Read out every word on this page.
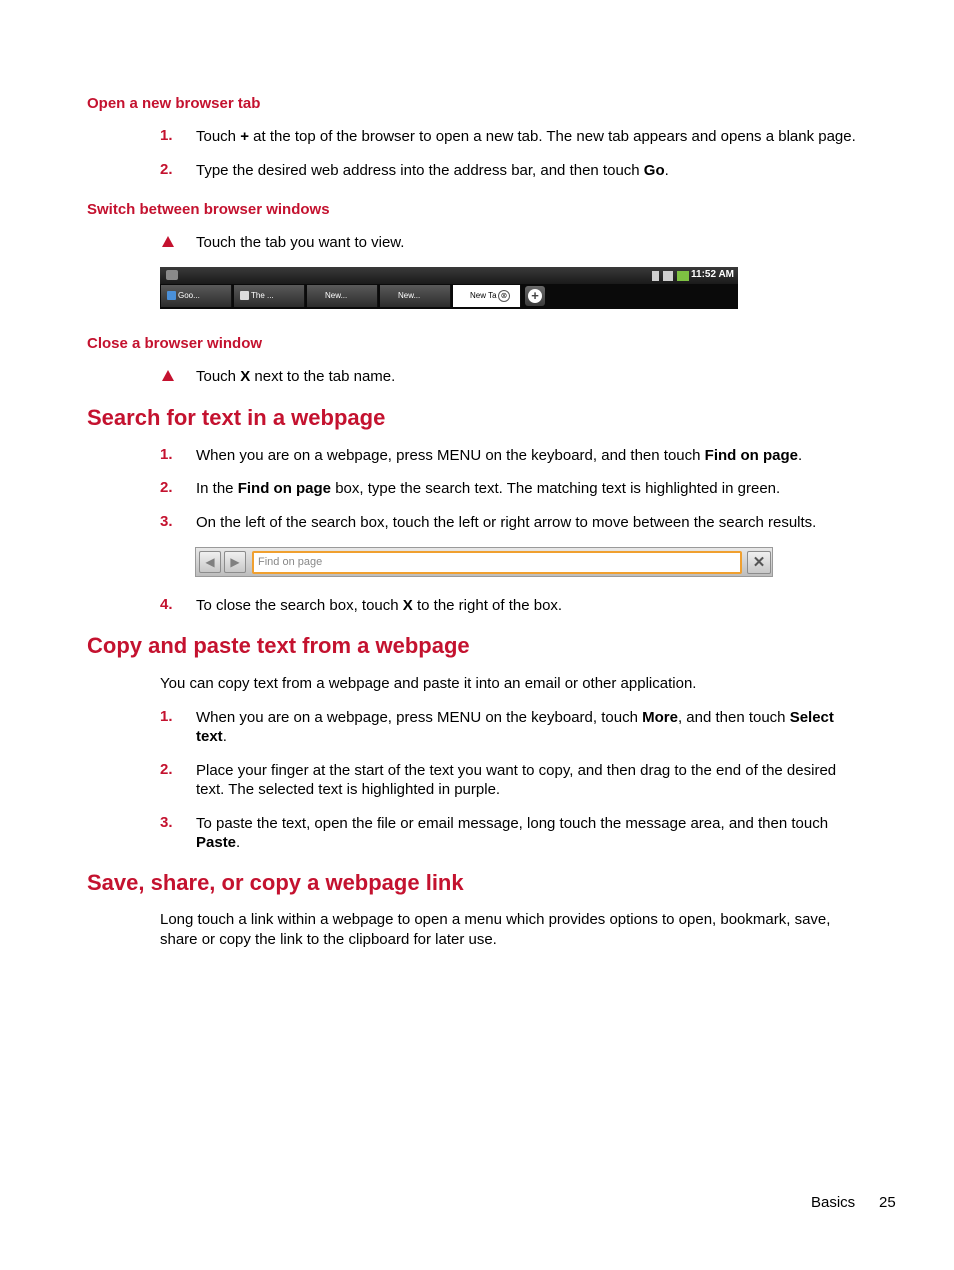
Open a new browser tab
1.	Touch + at the top of the browser to open a new tab. The new tab appears and opens a blank page.
2.	Type the desired web address into the address bar, and then touch Go.
Switch between browser windows
Touch the tab you want to view.
11:52 AM
Goo...	The ...	New...	New...	New Ta ⊗ +
Close a browser window
Touch X next to the tab name.
Search for text in a webpage
1.	When you are on a webpage, press MENU on the keyboard, and then touch Find on page.
2.	In the Find on page box, type the search text. The matching text is highlighted in green.
3.	On the left of the search box, touch the left or right arrow to move between the search results.
◀	▶	Find on page	✕
4.	To close the search box, touch X to the right of the box.
Copy and paste text from a webpage
You can copy text from a webpage and paste it into an email or other application.
1.	When you are on a webpage, press MENU on the keyboard, touch More, and then touch Select
text.
2.	Place your finger at the start of the text you want to copy, and then drag to the end of the desired
text. The selected text is highlighted in purple.
3.	To paste the text, open the file or email message, long touch the message area, and then touch
Paste.
Save, share, or copy a webpage link
Long touch a link within a webpage to open a menu which provides options to open, bookmark, save,
share or copy the link to the clipboard for later use.
Basics 25
